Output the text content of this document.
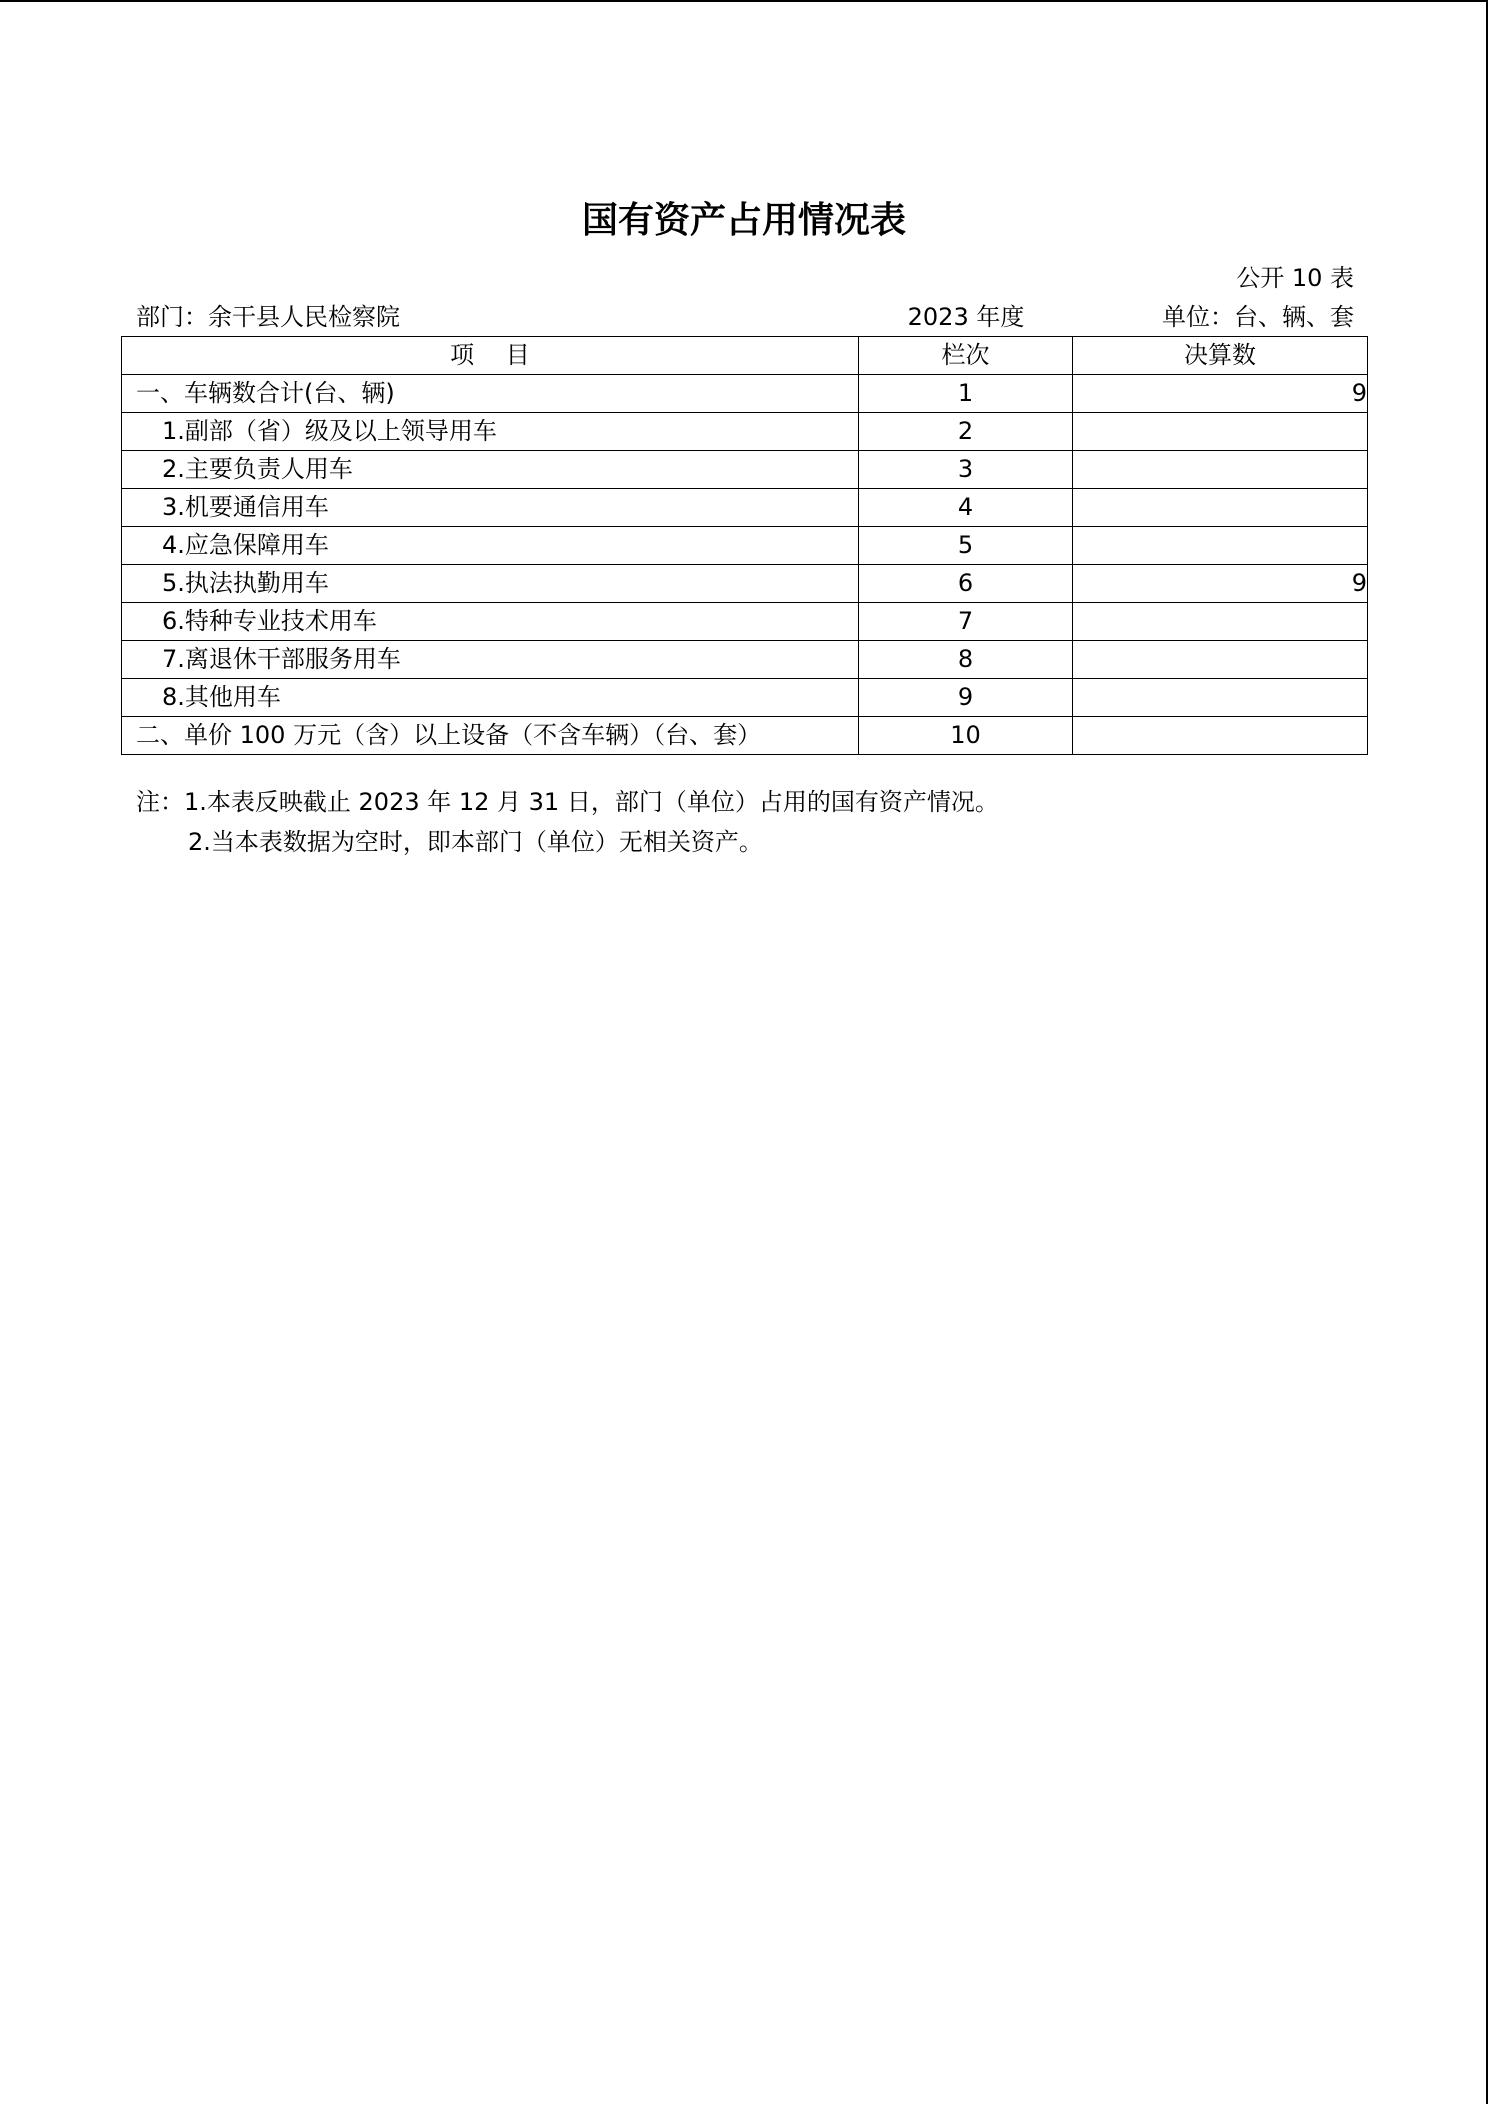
国有资产占用情况表
公开 10 表
部门：余干县人民检察院	2023 年度	单位：台、辆、套
项　 目	栏次	决算数
一、车辆数合计(台、辆)	1	9
1.副部（省）级及以上领导用车	2	
2.主要负责人用车	3	
3.机要通信用车	4	
4.应急保障用车	5	
5.执法执勤用车	6	9
6.特种专业技术用车	7	
7.离退休干部服务用车	8	
8.其他用车	9	
二、单价 100 万元（含）以上设备（不含车辆）（台、套）	10	
注：1.本表反映截止 2023 年 12 月 31 日，部门（单位）占用的国有资产情况。
2.当本表数据为空时，即本部门（单位）无相关资产。
